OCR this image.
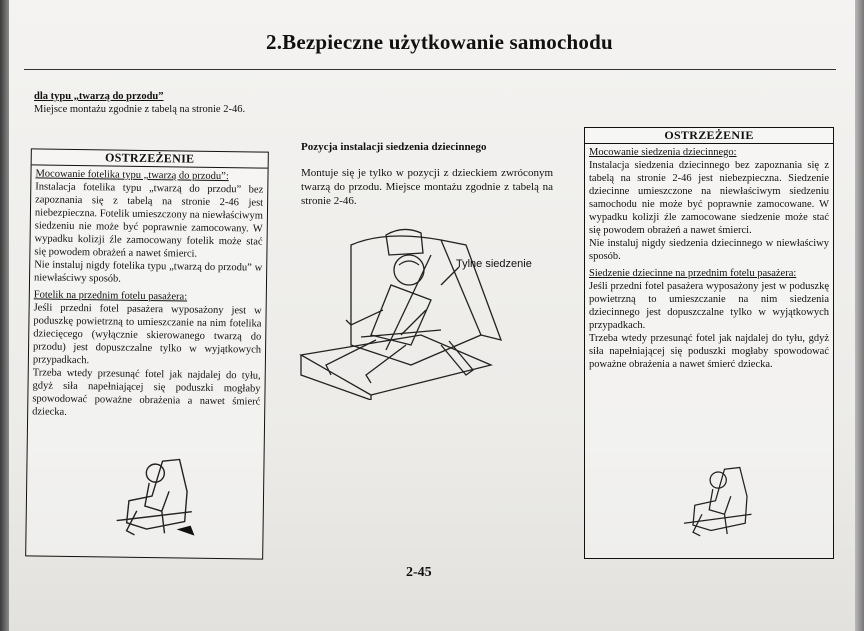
2.Bezpieczne użytkowanie samochodu
dla typu „twarzą do przodu”
Miejsce montażu zgodnie z tabelą na stronie 2-46.
OSTRZEŻENIE
Mocowanie fotelika typu „twarzą do przodu”:

Instalacja fotelika typu „twarzą do przodu” bez zapoznania się z tabelą na stronie 2-46 jest niebezpieczna. Fotelik umieszczony na niewłaściwym siedzeniu nie może być poprawnie zamocowany. W wypadku kolizji źle zamocowany fotelik może stać się powodem obrażeń a nawet śmierci.

Nie instaluj nigdy fotelika typu „twarzą do przodu” w niewłaściwy sposób.

Fotelik na przednim fotelu pasażera:

Jeśli przedni fotel pasażera wyposażony jest w poduszkę powietrzną to umieszczanie na nim fotelika dziecięcego (wyłącznie skierowanego twarzą do przodu) jest dopuszczalne tylko w wyjątkowych przypadkach.

Trzeba wtedy przesunąć fotel jak najdalej do tyłu, gdyż siła napełniającej się poduszki mogłaby spowodować poważne obrażenia a nawet śmierć dziecka.

Pozycja instalacji siedzenia dziecinnego
Montuje się je tylko w pozycji z dzieckiem zwróconym twarzą do przodu. Miejsce montażu zgodnie z tabelą na stronie 2-46.
Tylne siedzenie
OSTRZEŻENIE
Mocowanie siedzenia dziecinnego:

Instalacja siedzenia dziecinnego bez zapoznania się z tabelą na stronie 2-46 jest niebezpieczna. Siedzenie dziecinne umieszczone na niewłaściwym siedzeniu samochodu nie może być poprawnie zamocowane. W wypadku kolizji źle zamocowane siedzenie może stać się powodem obrażeń a nawet śmierci.

Nie instaluj nigdy siedzenia dziecinnego w niewłaściwy sposób.

Siedzenie dziecinne na przednim fotelu pasażera:

Jeśli przedni fotel pasażera wyposażony jest w poduszkę powietrzną to umieszczanie na nim siedzenia dziecinnego jest dopuszczalne tylko w wyjątkowych przypadkach.

Trzeba wtedy przesunąć fotel jak najdalej do tyłu, gdyż siła napełniającej się poduszki mogłaby spowodować poważne obrażenia a nawet śmierć dziecka.

2-45
